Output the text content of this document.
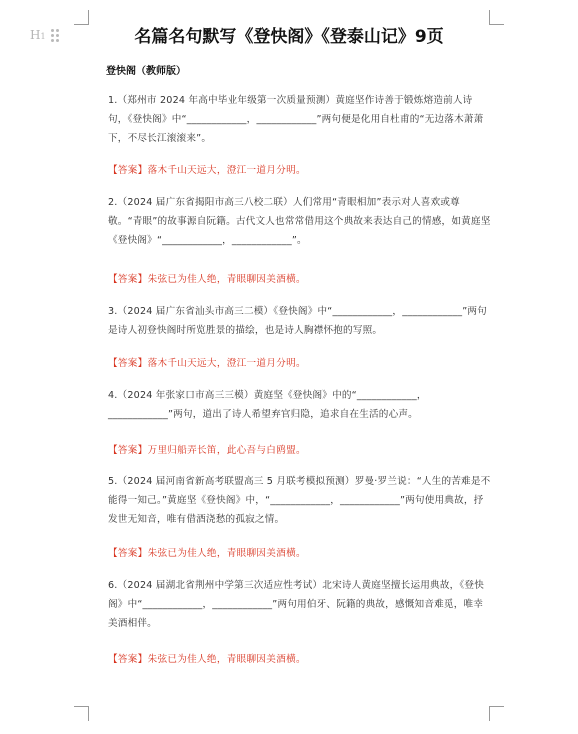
H1	名篇名句默写《登快阁》《登泰山记》9页
登快阁（教师版）
1.（郑州市 2024 年高中毕业年级第一次质量预测）黄庭坚作诗善于锻炼熔造前人诗句，《登快阁》中“____________，____________”两句便是化用自杜甫的“无边落木萧萧下，不尽长江滚滚来”。
【答案】落木千山天远大，澄江一道月分明。
2.（2024 届广东省揭阳市高三八校二联）人们常用“青眼相加”表示对人喜欢或尊敬。“青眼”的故事源自阮籍。古代文人也常常借用这个典故来表达自己的情感，如黄庭坚《登快阁》“____________，____________”。
【答案】朱弦已为佳人绝，青眼聊因美酒横。
3.（2024 届广东省汕头市高三二模）《登快阁》中“____________，____________”两句是诗人初登快阁时所览胜景的描绘，也是诗人胸襟怀抱的写照。
【答案】落木千山天远大，澄江一道月分明。
4.（2024 年张家口市高三三模）黄庭坚《登快阁》中的“____________，____________”两句，道出了诗人希望弃官归隐，追求自在生活的心声。
【答案】万里归船弄长笛，此心吾与白鸥盟。
5.（2024 届河南省新高考联盟高三 5 月联考模拟预测）罗曼·罗兰说：“人生的苦难是不能得一知己。”黄庭坚《登快阁》中，“____________，____________”两句使用典故，抒发世无知音，唯有借酒浇愁的孤寂之情。
【答案】朱弦已为佳人绝，青眼聊因美酒横。
6.（2024 届湖北省荆州中学第三次适应性考试）北宋诗人黄庭坚擅长运用典故，《登快阁》中“____________，____________”两句用伯牙、阮籍的典故，感慨知音难觅，唯幸美酒相伴。
【答案】朱弦已为佳人绝，青眼聊因美酒横。
